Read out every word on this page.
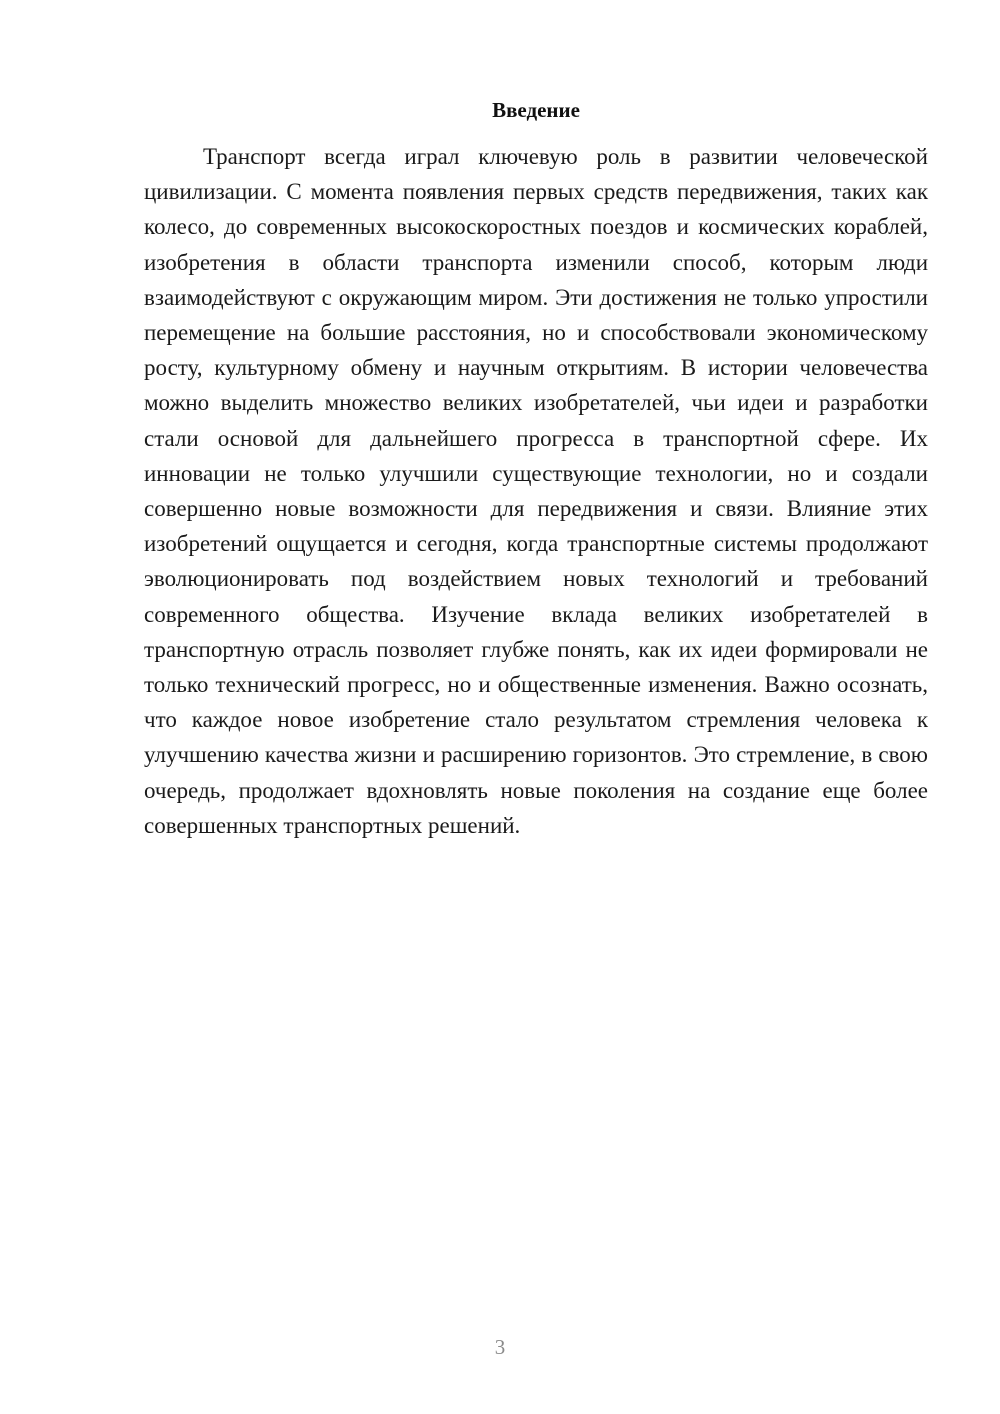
Введение

Транспорт всегда играл ключевую роль в развитии человеческой цивилизации. С момента появления первых средств передвижения, таких как колесо, до современных высокоскоростных поездов и космических кораблей, изобретения в области транспорта изменили способ, которым люди взаимодействуют с окружающим миром. Эти достижения не только упростили перемещение на большие расстояния, но и способствовали экономическому росту, культурному обмену и научным открытиям. В истории человечества можно выделить множество великих изобретателей, чьи идеи и разработки стали основой для дальнейшего прогресса в транспортной сфере. Их инновации не только улучшили существующие технологии, но и создали совершенно новые возможности для передвижения и связи. Влияние этих изобретений ощущается и сегодня, когда транспортные системы продолжают эволюционировать под воздействием новых технологий и требований современного общества. Изучение вклада великих изобретателей в транспортную отрасль позволяет глубже понять, как их идеи формировали не только технический прогресс, но и общественные изменения. Важно осознать, что каждое новое изобретение стало результатом стремления человека к улучшению качества жизни и расширению горизонтов. Это стремление, в свою очередь, продолжает вдохновлять новые поколения на создание еще более совершенных транспортных решений.

3
